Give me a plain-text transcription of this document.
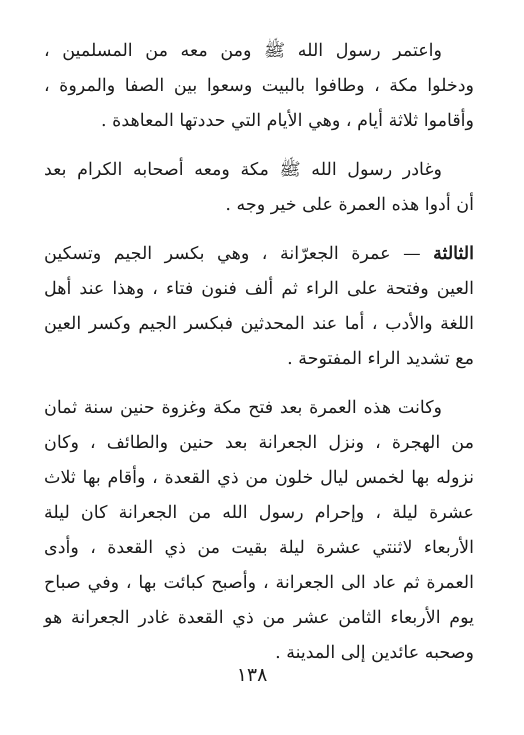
واعتمر رسول الله ﷺ ومن معه من المسلمين ،
ودخلوا مكة ، وطافوا بالبيت وسعوا بين الصفا والمروة ،
وأقاموا ثلاثة أيام ، وهي الأيام التي حددتها المعاهدة .
وغادر رسول الله ﷺ مكة ومعه أصحابه الكرام بعد
أن أدوا هذه العمرة على خير وجه .
الثالثة — عمرة الجعرّانة ، وهي بكسر الجيم وتسكين
العين وفتحة على الراء ثم ألف فنون فتاء ، وهذا عند أهل
اللغة والأدب ، أما عند المحدثين فبكسر الجيم وكسر العين
مع تشديد الراء المفتوحة .
وكانت هذه العمرة بعد فتح مكة وغزوة حنين سنة ثمان
من الهجرة ، ونزل الجعرانة بعد حنين والطائف ، وكان
نزوله بها لخمس ليال خلون من ذي القعدة ، وأقام بها ثلاث
عشرة ليلة ، وإحرام رسول الله من الجعرانة كان ليلة
الأربعاء لاثنتي عشرة ليلة بقيت من ذي القعدة ، وأدى
العمرة ثم عاد الى الجعرانة ، وأصبح كبائت بها ، وفي صباح
يوم الأربعاء الثامن عشر من ذي القعدة غادر الجعرانة هو
وصحبه عائدين إلى المدينة .
١٣٨
